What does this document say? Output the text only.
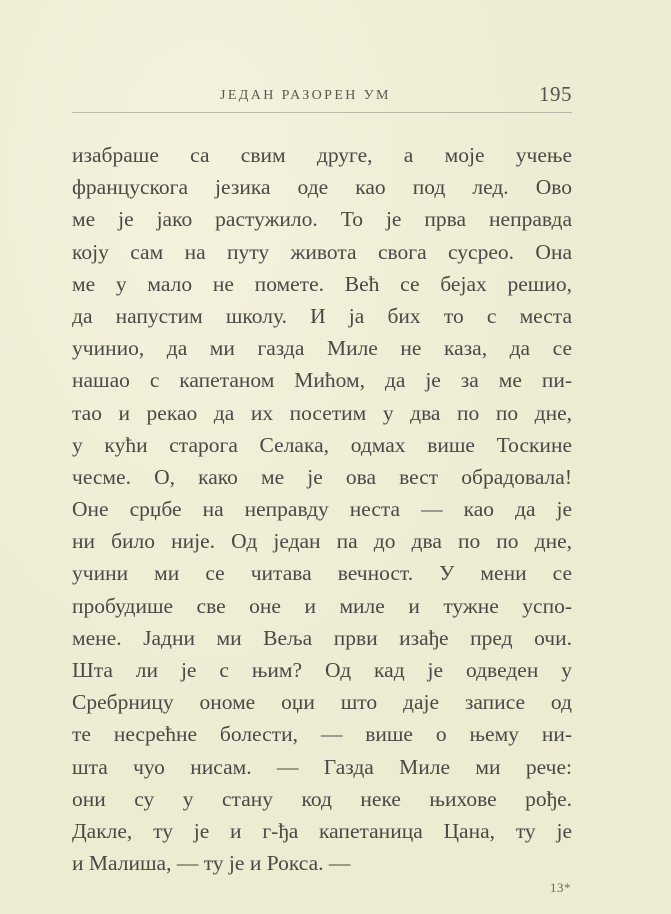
ЈЕДАН РАЗОРЕН УМ	195
изабраше са свим друге, а моје учење
францускога језика оде као под лед. Ово
ме је јако растужило. То је прва неправда
коју сам на путу живота свога сусрео. Она
ме у мало не помете. Већ се бејах решио,
да напустим школу. И ја бих то с места
учинио, да ми газда Миле не каза, да се
нашао с капетаном Мићом, да је за ме пи-
тао и рекао да их посетим у два по по дне,
у кући старога Селака, одмах више Тоскине
чесме. О, како ме је ова вест обрадовала!
Оне срџбе на неправду неста — као да је
ни било није. Од један па до два по по дне,
учини ми се читава вечност. У мени се
пробудише све оне и миле и тужне успо-
мене. Јадни ми Веља први изађе пред очи.
Шта ли је с њим? Од кад је одведен у
Сребрницу ономе оџи што даје записе од
те несрећне болести, — више о њему ни-
шта чуо нисам. — Газда Миле ми рече:
они су у стану код неке њихове рође.
Дакле, ту је и г-ђа капетаница Цана, ту је
и Малиша, — ту је и Рокса. —
13*
